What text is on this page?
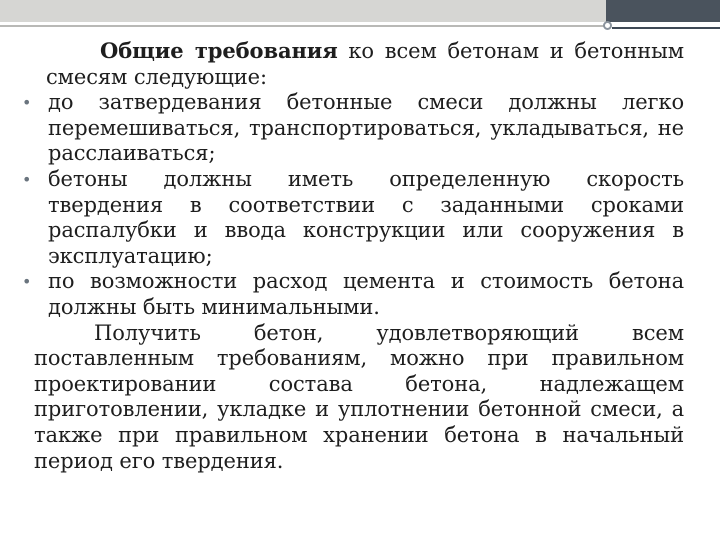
Общие требования ко всем бетонам и бетонным смесям следующие:

• до затвердевания бетонные смеси должны легко перемешиваться, транспортироваться, укладываться, не расслаиваться;
• бетоны должны иметь определенную скорость твердения в соответствии с заданными сроками распалубки и ввода конструкции или сооружения в эксплуатацию;
• по возможности расход цемента и стоимость бетона должны быть минимальными.

Получить бетон, удовлетворяющий всем поставленным требованиям, можно при правильном проектировании состава бетона, надлежащем приготовлении, укладке и уплотнении бетонной смеси, а также при правильном хранении бетона в начальный период его твердения.
